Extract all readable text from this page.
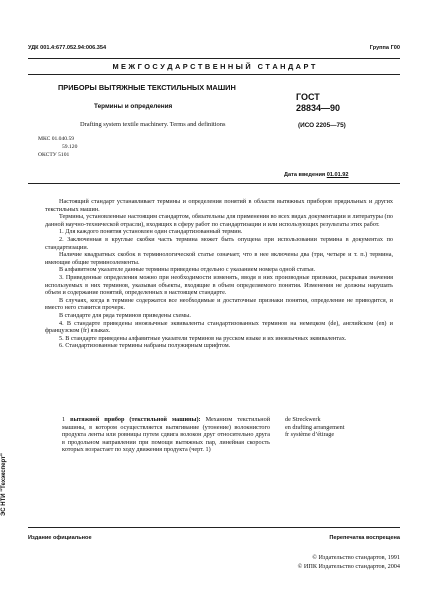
УДК 001.4:677.052.94:006.354	Группа Г00
М Е Ж Г О С У Д А Р С Т В Е Н Н Ы Й   С Т А Н Д А Р Т
ПРИБОРЫ ВЫТЯЖНЫЕ ТЕКСТИЛЬНЫХ МАШИН
Термины и определения
Drafting system textile machinery. Terms and definitions
ГОСТ
28834—90
(ИСО 2205—75)
МКС 01.040.59
59.120
ОКСТУ 5101
Дата введения 01.01.92
Настоящий стандарт устанавливает термины и определения понятий в области вытяжных приборов прядильных и других текстильных машин.
Термины, установленные настоящим стандартом, обязательны для применения во всех видах документации и литературы (по данной научно-технической отрасли), входящих в сферу работ по стандартизации и или использующих результаты этих работ.
1. Для каждого понятия установлен один стандартизованный термин.
2. Заключенная в круглые скобки часть термина может быть опущена при использовании термина в документах по стандартизации.
Наличие квадратных скобок в терминологической статье означает, что в нее включены два (три, четыре и т. п.) термина, имеющие общие терминоэлементы.
В алфавитном указателе данные термины приведены отдельно с указанием номера одной статьи.
3. Приведенные определения можно при необходимости изменять, вводя в них производные признаки, раскрывая значения используемых в них терминов, указывая объекты, входящие в объем определяемого понятия. Изменения не должны нарушать объем и содержание понятий, определенных в настоящем стандарте.
В случаях, когда в термине содержатся все необходимые и достаточные признаки понятия, определение не приводится, и вместо него ставится прочерк.
В стандарте для ряда терминов приведены схемы.
4. В стандарте приведены иноязычные эквиваленты стандартизованных терминов на немецком (de), английском (en) и французском (fr) языках.
5. В стандарте приведены алфавитные указатели терминов на русском языке и их иноязычных эквивалентах.
6. Стандартизованные термины набраны полужирным шрифтом.
1 вытяжной прибор (текстильной машины): Механизм текстильной машины, в котором осуществляется вытягивание (утонение) волокнистого продукта ленты или ровницы путем сдвига волокон друг относительно друга в продольном направлении при помощи вытяжных пар, линейная скорость которых возрастает по ходу движения продукта (черт. 1)
de Streckwerk
en drafting arrangement
fr système d’étirage
Издание официальное	Перепечатка воспрещена
© Издательство стандартов, 1991
© ИПК Издательство стандартов, 2004
ЭС НТИ "Техэксперт"
